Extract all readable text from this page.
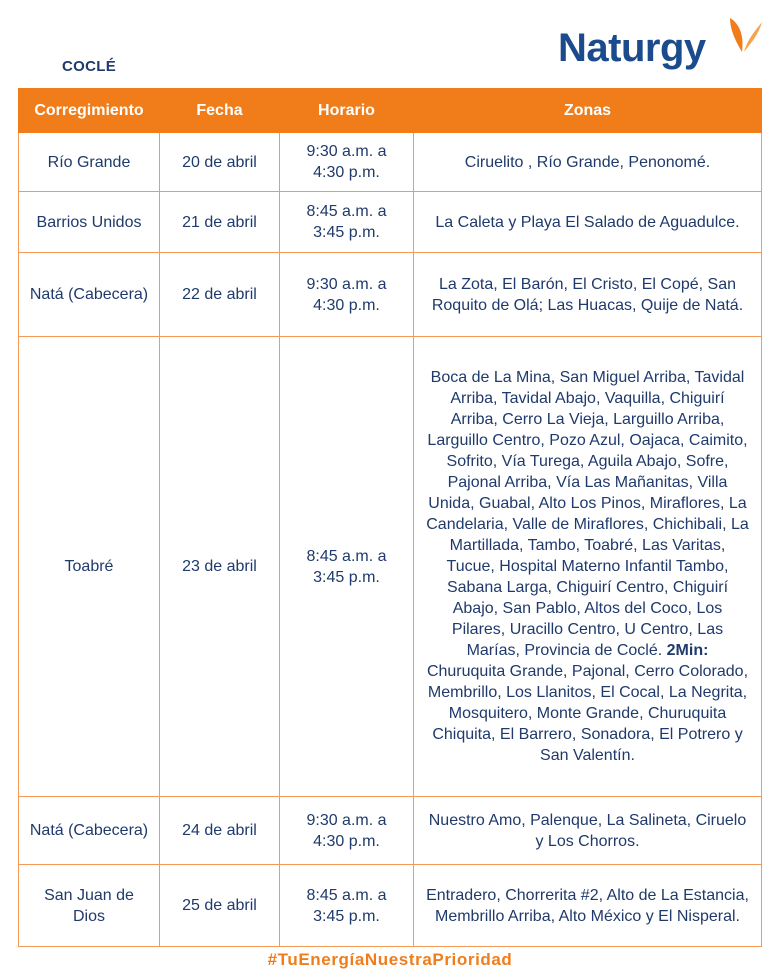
COCLÉ	Naturgy
Corregimiento	Fecha	Horario	Zonas
Río Grande	20 de abril	9:30 a.m. a 4:30 p.m.	Ciruelito , Río Grande, Penonomé.
Barrios Unidos	21 de abril	8:45 a.m. a 3:45 p.m.	La Caleta y Playa El Salado de Aguadulce.
Natá (Cabecera)	22 de abril	9:30 a.m. a 4:30 p.m.	La Zota, El Barón, El Cristo, El Copé, San Roquito de Olá; Las Huacas, Quije de Natá.
Toabré	23 de abril	8:45 a.m. a 3:45 p.m.	Boca de La Mina, San Miguel Arriba, Tavidal Arriba, Tavidal Abajo, Vaquilla, Chiguirí Arriba, Cerro La Vieja, Larguillo Arriba, Larguillo Centro, Pozo Azul, Oajaca, Caimito, Sofrito, Vía Turega, Aguila Abajo, Sofre, Pajonal Arriba, Vía Las Mañanitas, Villa Unida, Guabal, Alto Los Pinos, Miraflores, La Candelaria, Valle de Miraflores, Chichibali, La Martillada, Tambo, Toabré, Las Varitas, Tucue, Hospital Materno Infantil Tambo, Sabana Larga, Chiguirí Centro, Chiguirí Abajo, San Pablo, Altos del Coco, Los Pilares, Uracillo Centro, U Centro, Las Marías, Provincia de Coclé. 2Min: Churuquita Grande, Pajonal, Cerro Colorado, Membrillo, Los Llanitos, El Cocal, La Negrita, Mosquitero, Monte Grande, Churuquita Chiquita, El Barrero, Sonadora, El Potrero y San Valentín.
Natá (Cabecera)	24 de abril	9:30 a.m. a 4:30 p.m.	Nuestro Amo, Palenque, La Salineta, Ciruelo y Los Chorros.
San Juan de Dios	25 de abril	8:45 a.m. a 3:45 p.m.	Entradero, Chorrerita #2, Alto de La Estancia, Membrillo Arriba, Alto México y El Nisperal.
#TuEnergíaNuestraPrioridad
